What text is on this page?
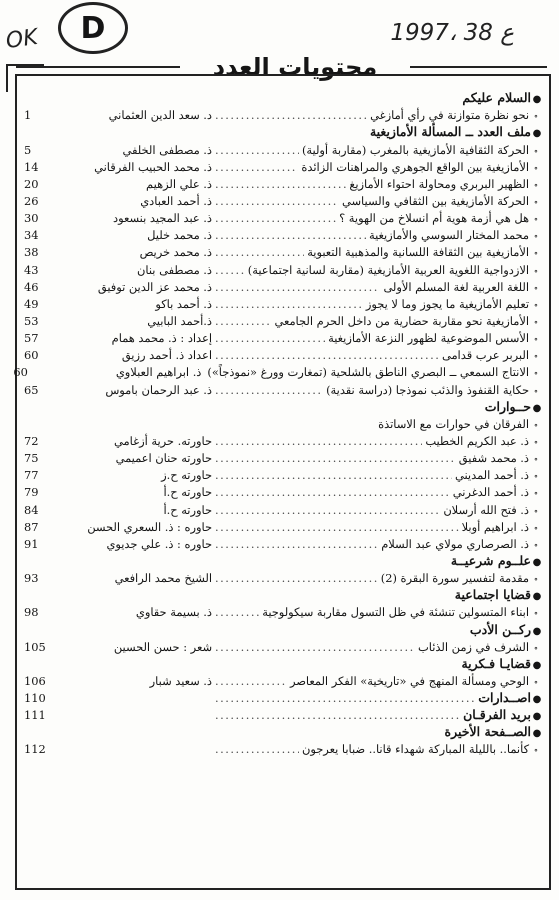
OK D	1997، 38 ع
محتويات العدد
●
السلام عليكم
∘
نحو نظرة متوازنة في رأي أمازغي
.....
د. سعد الدين العثماني
1
●
ملف العدد ــ المسألة الأمازيغية
∘
الحركة الثقافية الأمازيغية بالمغرب (مقاربة أولية)
.....
ذ. مصطفى الخلفي
5
∘
الأمازيغية بين الواقع الجوهري والمراهنات الزائدة
.....
ذ. محمد الحبيب الفرقاني
14
∘
الظهير البربري ومحاولة احتواء الأمازيغ
.....
ذ. علي الزهيم
20
∘
الحركة الأمازيغية بين الثقافي والسياسي
.....
ذ. أحمد العبادي
26
∘
هل هي أزمة هوية أم انسلاخ من الهوية ؟
.....
ذ. عبد المجيد بنسعود
30
∘
محمد المختار السوسي والأمازيغية
.....
ذ. محمد خليل
34
∘
الأمازيغية بين الثقافة اللسانية والمذهبية التعبوية
.....
ذ. محمد خريص
38
∘
الازدواجية اللغوية العربية الأمازيغية (مقاربة لسانية اجتماعية)
.....
ذ. مصطفى بنان
43
∘
اللغة العربية لغة المسلم الأولى
.....
ذ. محمد عز الدين توفيق
46
∘
تعليم الأمازيغية ما يجوز وما لا يجوز
.....
ذ. أحمد باكو
49
∘
الأمازيغية نحو مقاربة حضارية من داخل الحرم الجامعي
.....
ذ.أحمد البابيي
53
∘
الأسس الموضوعية لظهور النزعة الأمازيغية
.....
إعداد : ذ. محمد همام
57
∘
البربر عرب قدامى
.....
اعداد ذ. أحمد رزيق
60
∘
الانتاج السمعي ــ البصري الناطق بالشلحية (تمغارت وورغ «نموذجاً»)
ذ. ابراهيم العبلاوي
60
∘
حكاية القنفوذ والذئب نموذجا (دراسة نقدية)
.....
ذ. عبد الرحمان باموس
65
●
حــوارات
∘
الفرقان في حوارات مع الاساتذة
∘
ذ. عبد الكريم الخطيب
.....
حاورته. حرية أزغامي
72
∘
ذ. محمد شفيق
.....
حاورته حنان اعميمي
75
∘
ذ. أحمد المديني
.....
حاورته ح.ز
77
∘
ذ. أحمد الدغرني
.....
حاورته ح.أ
79
∘
ذ. فتح الله أرسلان
.....
حاورته ح.أ
84
∘
ذ. ابراهيم أوبلا
.....
حاوره : ذ. السعري الحسن
87
∘
ذ. الصرصاري مولاي عبد السلام
.....
حاوره : ذ. علي جديوي
91
●
علــوم شرعيــة
∘
مقدمة لتفسير سورة البقرة (2)
.....
الشيخ محمد الرافعي
93
●
قضايا اجتماعية
∘
ابناء المتسولين تنشئة في ظل التسول مقاربة سيكولوجية
.....
ذ. بسيمة حقاوي
98
●
ركــن الأدب
∘
الشرف في زمن الذئاب
.....
شعر : حسن الحسين
105
●
قضايـا فـكرية
∘
الوحي ومسألة المنهج في «تاريخية» الفكر المعاصر
.....
ذ. سعيد شبار
106
●
اصــدارات
.....
110
●
بريد الفرقـان
.....
111
●
الصــفحة الأخيرة
∘
كأنما.. بالليلة المباركة شهداء قانا.. ضبابا يعرجون
.....
112
